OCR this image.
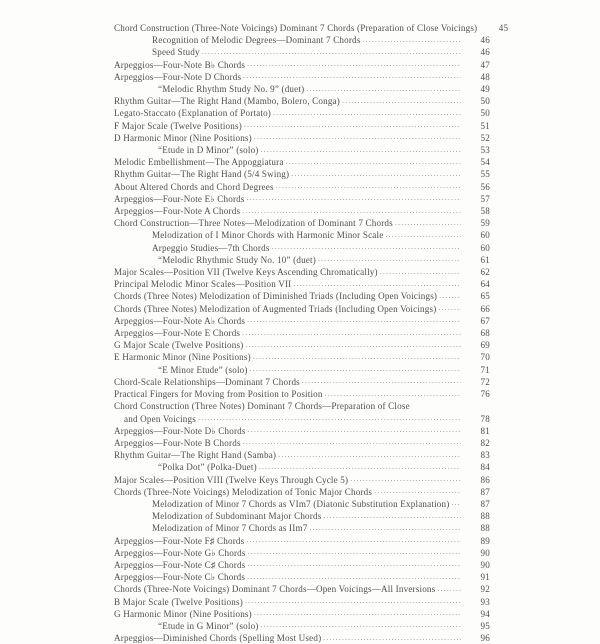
Chord Construction (Three-Note Voicings) Dominant 7 Chords (Preparation of Close Voicings)	45
Recognition of Melodic Degrees—Dominant 7 Chords .....	46
Speed Study .....	46
Arpeggios—Four-Note B♭ Chords .....	47
Arpeggios—Four-Note D Chords .....	48
“Melodic Rhythm Study No. 9” (duet) .....	49
Rhythm Guitar—The Right Hand (Mambo, Bolero, Conga) .....	50
Legato-Staccato (Explanation of Portato) .....	50
F Major Scale (Twelve Positions) .....	51
D Harmonic Minor (Nine Positions) .....	52
“Etude in D Minor” (solo) .....	53
Melodic Embellishment—The Appoggiatura .....	54
Rhythm Guitar—The Right Hand (5/4 Swing) .....	55
About Altered Chords and Chord Degrees .....	56
Arpeggios—Four-Note E♭ Chords .....	57
Arpeggios—Four-Note A Chords .....	58
Chord Construction—Three Notes—Melodization of Dominant 7 Chords .....	59
Melodization of I Minor Chords with Harmonic Minor Scale .....	60
Arpeggio Studies—7th Chords .....	60
“Melodic Rhythmic Study No. 10” (duet) .....	61
Major Scales—Position VII (Twelve Keys Ascending Chromatically) .....	62
Principal Melodic Minor Scales—Position VII .....	64
Chords (Three Notes) Melodization of Diminished Triads (Including Open Voicings) .....	65
Chords (Three Notes) Melodization of Augmented Triads (Including Open Voicings) .....	66
Arpeggios—Four-Note A♭ Chords .....	67
Arpeggios—Four-Note E Chords .....	68
G Major Scale (Twelve Positions) .....	69
E Harmonic Minor (Nine Positions) .....	70
“E Minor Etude” (solo) .....	71
Chord-Scale Relationships—Dominant 7 Chords .....	72
Practical Fingers for Moving from Position to Position .....	76
Chord Construction (Three Notes) Dominant 7 Chords—Preparation of Close
and Open Voicings .....	78
Arpeggios—Four-Note D♭ Chords .....	81
Arpeggios—Four-Note B Chords .....	82
Rhythm Guitar—The Right Hand (Samba) .....	83
“Polka Dot” (Polka-Duet) .....	84
Major Scales—Position VIII (Twelve Keys Through Cycle 5) .....	86
Chords (Three-Note Voicings) Melodization of Tonic Major Chords .....	87
Melodization of Minor 7 Chords as VIm7 (Diatonic Substitution Explanation) .....	87
Melodization of Subdominant Major Chords .....	88
Melodization of Minor 7 Chords as IIm7 .....	88
Arpeggios—Four-Note F♯ Chords .....	89
Arpeggios—Four-Note G♭ Chords .....	90
Arpeggios—Four-Note C♯ Chords .....	90
Arpeggios—Four-Note C♭ Chords .....	91
Chords (Three-Note Voicings) Dominant 7 Chords—Open Voicings—All Inversions .....	92
B Major Scale (Twelve Positions) .....	93
G Harmonic Minor (Nine Positions) .....	94
“Etude in G Minor” (solo) .....	95
Arpeggios—Diminished Chords (Spelling Most Used) .....	96
